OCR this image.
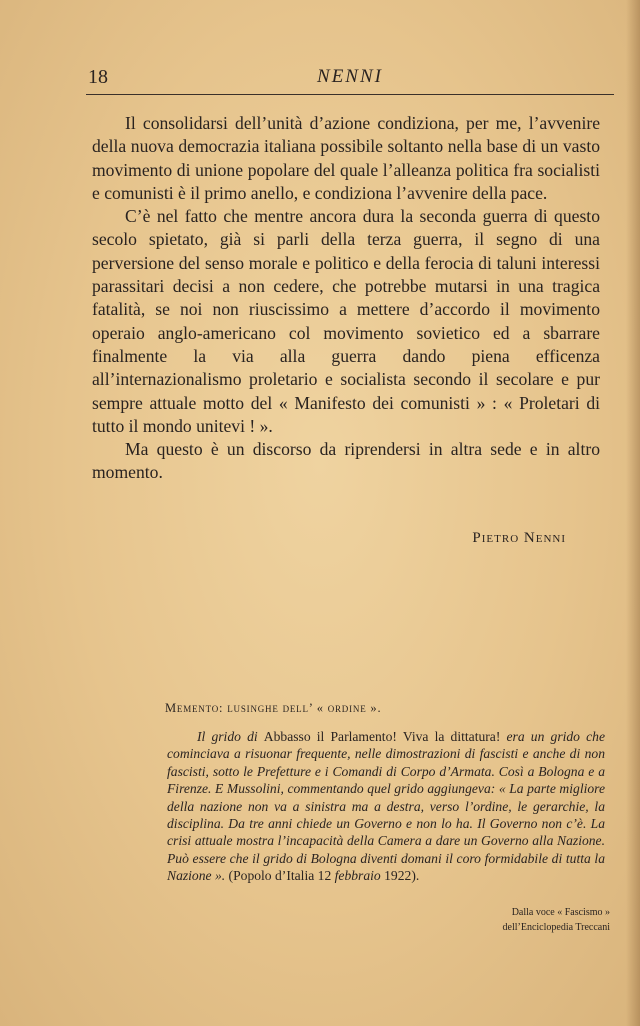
18	NENNI

Il consolidarsi dell’unità d’azione condiziona, per me, l’avvenire della nuova democrazia italiana possibile soltanto nella base di un vasto movimento di unione popolare del quale l’alleanza politica fra socialisti e comunisti è il primo anello, e condiziona l’avvenire della pace.

C’è nel fatto che mentre ancora dura la seconda guerra di questo secolo spietato, già si parli della terza guerra, il segno di una perversione del senso morale e politico e della ferocia di taluni interessi parassitari decisi a non cedere, che potrebbe mutarsi in una tragica fatalità, se noi non riuscissimo a mettere d’accordo il movimento operaio anglo-americano col movimento sovietico ed a sbarrare finalmente la via alla guerra dando piena efficenza all’internazionalismo proletario e socialista secondo il secolare e pur sempre attuale motto del « Manifesto dei comunisti » : « Proletari di tutto il mondo unitevi ! ».

Ma questo è un discorso da riprendersi in altra sede e in altro momento.

Pietro Nenni
Memento: lusinghe dell’ « ordine ».

Il grido di Abbasso il Parlamento! Viva la dittatura! era un grido che cominciava a risuonar frequente, nelle dimostrazioni di fascisti e anche di non fascisti, sotto le Prefetture e i Comandi di Corpo d’Armata. Così a Bologna e a Firenze. E Mussolini, commentando quel grido aggiungeva: « La parte migliore della nazione non va a sinistra ma a destra, verso l’ordine, le gerarchie, la disciplina. Da tre anni chiede un Governo e non lo ha. Il Governo non c’è. La crisi attuale mostra l’incapacità della Camera a dare un Governo alla Nazione. Può essere che il grido di Bologna diventi domani il coro formidabile di tutta la Nazione ». (Popolo d’Italia 12 febbraio 1922).

Dalla voce « Fascismo »
dell’Enciclopedia Treccani
